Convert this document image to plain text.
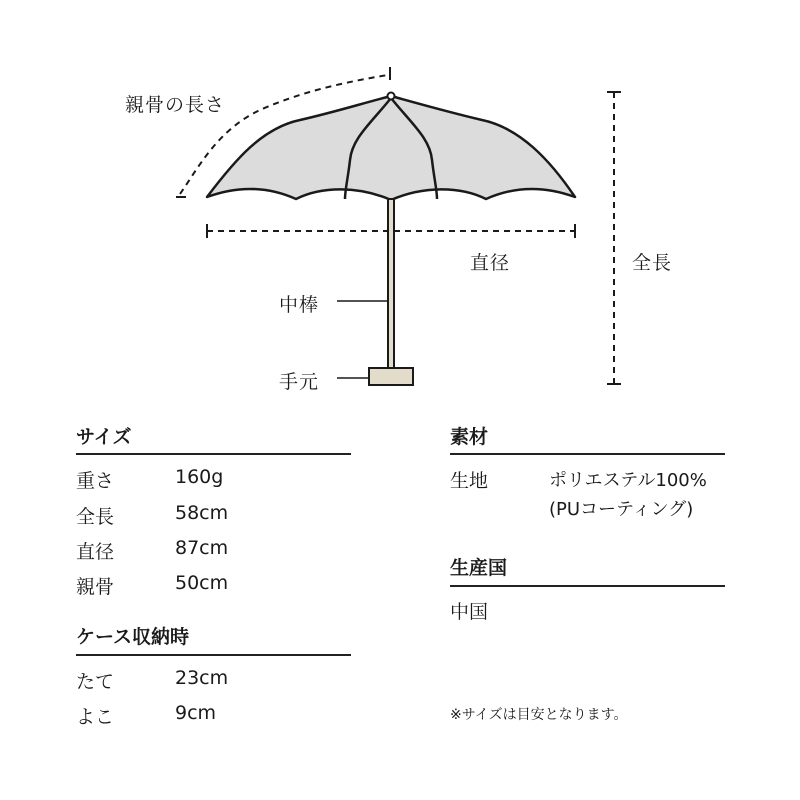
親骨の長さ
直径	全長
中棒
手元
サイズ
重さ	160g
全長	58cm
直径	87cm
親骨	50cm
ケース収納時
たて	23cm
よこ	9cm
素材
生地	ポリエステル100%
(PUコーティング)
生産国
中国
※サイズは目安となります。
